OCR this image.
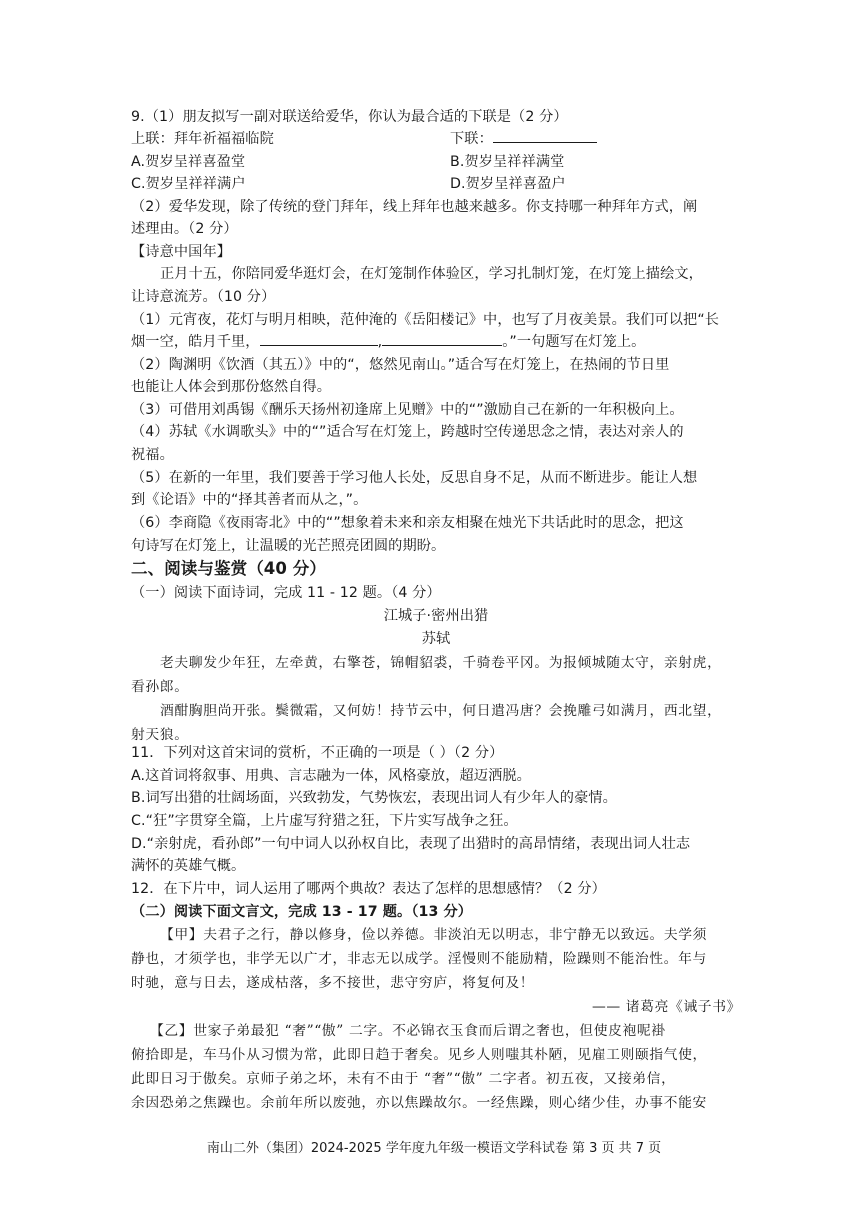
9.（1）朋友拟写一副对联送给爱华，你认为最合适的下联是（2 分）
上联：拜年祈福福临院	下联：
A.贺岁呈祥喜盈堂	B.贺岁呈祥祥满堂
C.贺岁呈祥祥满户	D.贺岁呈祥喜盈户
（2）爱华发现，除了传统的登门拜年，线上拜年也越来越多。你支持哪一种拜年方式，阐
述理由。（2 分）
【诗意中国年】
正月十五，你陪同爱华逛灯会，在灯笼制作体验区，学习扎制灯笼，在灯笼上描绘文，
让诗意流芳。（10 分）
（1）元宵夜，花灯与明月相映，范仲淹的《岳阳楼记》中，也写了月夜美景。我们可以把“长
烟一空，皓月千里，	,	。”一句题写在灯笼上。
（2）陶渊明《饮酒（其五）》中的“，悠然见南山。”适合写在灯笼上，在热闹的节日里
也能让人体会到那份悠然自得。
（3）可借用刘禹锡《酬乐天扬州初逢席上见赠》中的“”激励自己在新的一年积极向上。
（4）苏轼《水调歌头》中的“”适合写在灯笼上，跨越时空传递思念之情，表达对亲人的
祝福。
（5）在新的一年里，我们要善于学习他人长处，反思自身不足，从而不断进步。能让人想
到《论语》中的“择其善者而从之，”。
（6）李商隐《夜雨寄北》中的“”想象着未来和亲友相聚在烛光下共话此时的思念，把这
句诗写在灯笼上，让温暖的光芒照亮团圆的期盼。
二、阅读与鉴赏（40 分）
（一）阅读下面诗词，完成 11 - 12 题。（4 分）
江城子·密州出猎
苏轼
老夫聊发少年狂，左牵黄，右擎苍，锦帽貂裘，千骑卷平冈。为报倾城随太守，亲射虎，
看孙郎。
酒酣胸胆尚开张。鬓微霜，又何妨！持节云中，何日遣冯唐？会挽雕弓如满月，西北望，
射天狼。
11．下列对这首宋词的赏析，不正确的一项是（ ）（2 分）
A.这首词将叙事、用典、言志融为一体，风格豪放，超迈洒脱。
B.词写出猎的壮阔场面，兴致勃发，气势恢宏，表现出词人有少年人的豪情。
C.“狂”字贯穿全篇，上片虚写狩猎之狂，下片实写战争之狂。
D.“亲射虎，看孙郎”一句中词人以孙权自比，表现了出猎时的高昂情绪，表现出词人壮志
满怀的英雄气概。
12．在下片中，词人运用了哪两个典故？表达了怎样的思想感情？（2 分）
（二）阅读下面文言文，完成 13 - 17 题。（13 分）
【甲】夫君子之行，静以修身，俭以养德。非淡泊无以明志，非宁静无以致远。夫学须
静也，才须学也，非学无以广才，非志无以成学。淫慢则不能励精，险躁则不能治性。年与
时驰，意与日去，遂成枯落，多不接世，悲守穷庐，将复何及！
—— 诸葛亮《诫子书》
【乙】世家子弟最犯 “奢”“傲” 二字。不必锦衣玉食而后谓之奢也，但使皮袍呢褂
俯拾即是，车马仆从习惯为常，此即日趋于奢矣。见乡人则嗤其朴陋，见雇工则颐指气使，
此即日习于傲矣。京师子弟之坏，未有不由于 “奢”“傲” 二字者。初五夜，又接弟信，
余因恐弟之焦躁也。余前年所以废弛，亦以焦躁故尔。一经焦躁，则心绪少佳，办事不能安
南山二外（集团）2024-2025 学年度九年级一模语文学科试卷 第 3 页 共 7 页
